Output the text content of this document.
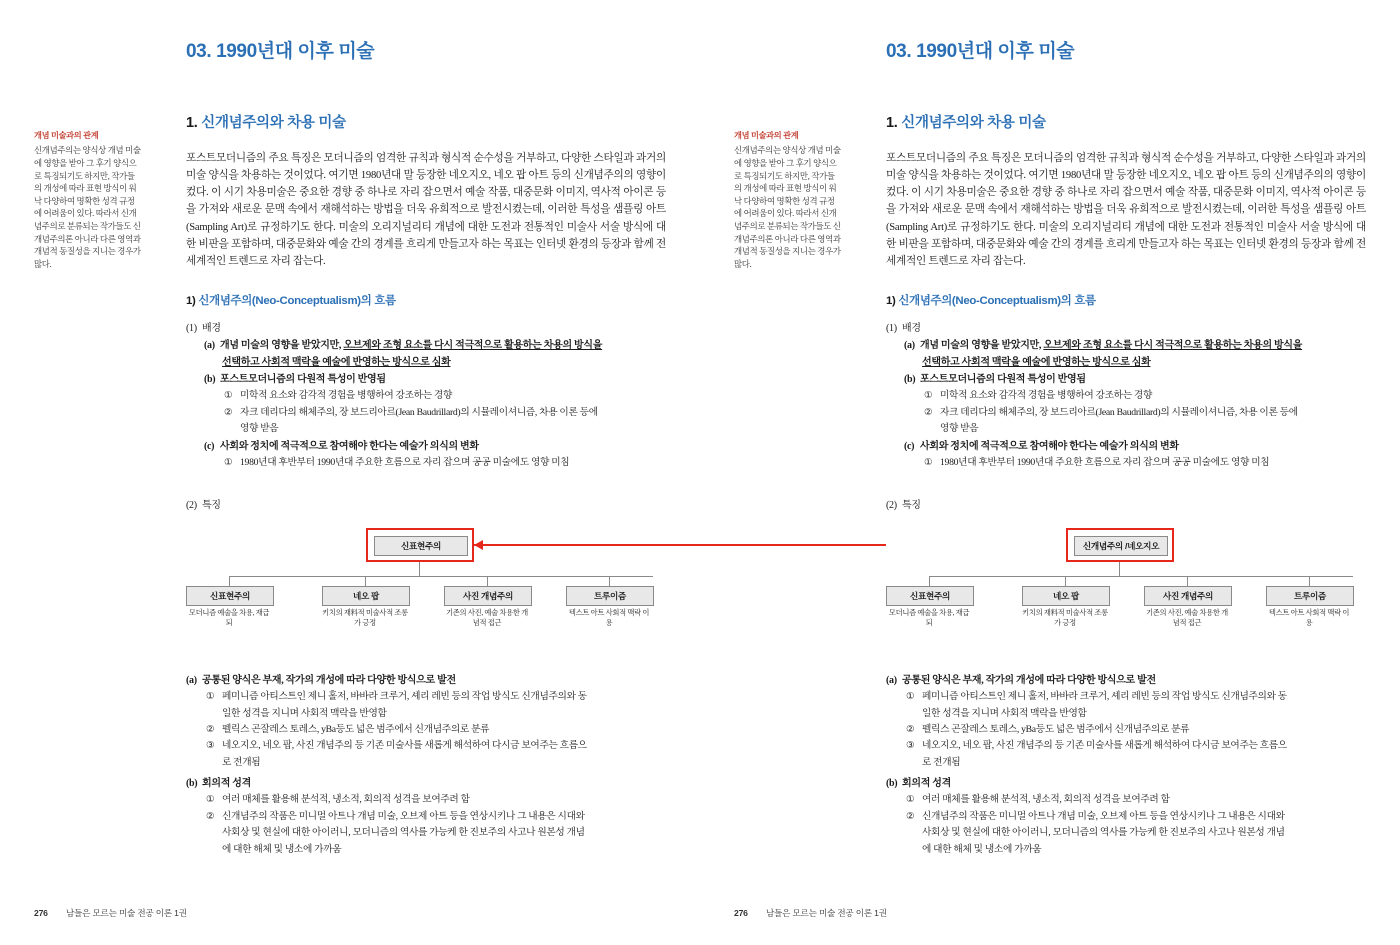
03. 1990년대 이후 미술
1. 신개념주의와 차용 미술
개념 미술과의 관계
신개념주의는 양식상 개념 미술에 영향을 받아 그 후기 양식으로 특징되기도 하지만, 작가들의 개성에 따라 표현 방식이 워낙 다양하여 명확한 성격 규정에 어려움이 있다. 따라서 신개념주의로 분류되는 작가들도 신개념주의론 아니라 다른 영역과 개념적 동질성을 지니는 경우가 많다.
포스트모더니즘의 주요 특징은 모더니즘의 엄격한 규칙과 형식적 순수성을 거부하고, 다양한 스타일과 과거의 미술 양식을 차용하는 것이었다. 여기면 1980년대 말 등장한 네오지오, 네오 팝 아트 등의 신개념주의의 영향이 컸다. 이 시기 차용미술은 중요한 경향 중 하나로 자리 잡으면서 예술 작품, 대중문화 이미지, 역사적 아이콘 등을 가져와 새로운 문맥 속에서 재해석하는 방법을 더욱 유희적으로 발전시켰는데, 이러한 특성을 샘플링 아트(Sampling Art)로 규정하기도 한다. 미술의 오리지널리티 개념에 대한 도전과 전통적인 미술사 서술 방식에 대한 비판을 포함하며, 대중문화와 예술 간의 경계를 흐리게 만들고자 하는 목표는 인터넷 환경의 등장과 함께 전 세계적인 트렌드로 자리 잡는다.
1) 신개념주의(Neo-Conceptualism)의 흐름
(1) 배경
(a) 개념 미술의 영향을 받았지만, 오브제와 조형 요소를 다시 적극적으로 활용하는 차용의 방식을
선택하고 사회적 맥락을 예술에 반영하는 방식으로 심화
(b) 포스트모더니즘의 다원적 특성이 반영됨
① 미학적 요소와 감각적 경험을 병행하여 강조하는 경향
② 자크 데리다의 해체주의, 장 보드리아르(Jean Baudrillard)의 시뮬레이셔니즘, 차용 이론 등에
영향 받음
(c) 사회와 정치에 적극적으로 참여해야 한다는 예술가 의식의 변화
① 1980년대 후반부터 1990년대 주요한 흐름으로 자리 잡으며 공공 미술에도 영향 미침
(2) 특징
신표현주의
신표현주의	네오 팝	사진 개념주의	트루이즘
모더니즘 예술을 차용, 재급되
키치의 재料적 미술사적 조롱가 긍정
기존의 사진, 예술 차용한 개념적 접근
텍스트 아트 사회적 맥락 이용
(a) 공통된 양식은 부재, 작가의 개성에 따라 다양한 방식으로 발전
① 페미니즘 아티스트인 제니 홀저, 바바라 크루거, 셰리 레빈 등의 작업 방식도 신개념주의와 동
일한 성격을 지니며 사회적 맥락을 반영함
② 펠릭스 곤잘레스 토레스, yBa등도 넓은 범주에서 신개념주의로 분류
③ 네오지오, 네오 팝, 사진 개념주의 등 기존 미술사를 새롭게 해석하여 다시금 보여주는 흐름으
로 전개됨
(b) 회의적 성격
① 여러 매체를 활용해 분석적, 냉소적, 회의적 성격을 보여주려 함
② 신개념주의 작품은 미니멀 아트나 개념 미술, 오브제 아트 등을 연상시키나 그 내용은 시대와
사회상 및 현실에 대한 아이러니, 모더니즘의 역사를 가능케 한 진보주의 사고나 원본성 개념
에 대한 해체 및 냉소에 가까움
276 남들은 모르는 미술 전공 이론 1권
03. 1990년대 이후 미술
1. 신개념주의와 차용 미술
개념 미술과의 관계
신개념주의는 양식상 개념 미술에 영향을 받아 그 후기 양식으로 특징되기도 하지만, 작가들의 개성에 따라 표현 방식이 워낙 다양하여 명확한 성격 규정에 어려움이 있다. 따라서 신개념주의로 분류되는 작가들도 신개념주의론 아니라 다른 영역과 개념적 동질성을 지니는 경우가 많다.
포스트모더니즘의 주요 특징은 모더니즘의 엄격한 규칙과 형식적 순수성을 거부하고, 다양한 스타일과 과거의 미술 양식을 차용하는 것이었다. 여기면 1980년대 말 등장한 네오지오, 네오 팝 아트 등의 신개념주의의 영향이 컸다. 이 시기 차용미술은 중요한 경향 중 하나로 자리 잡으면서 예술 작품, 대중문화 이미지, 역사적 아이콘 등을 가져와 새로운 문맥 속에서 재해석하는 방법을 더욱 유희적으로 발전시켰는데, 이러한 특성을 샘플링 아트(Sampling Art)로 규정하기도 한다. 미술의 오리지널리티 개념에 대한 도전과 전통적인 미술사 서술 방식에 대한 비판을 포함하며, 대중문화와 예술 간의 경계를 흐리게 만들고자 하는 목표는 인터넷 환경의 등장과 함께 전 세계적인 트렌드로 자리 잡는다.
1) 신개념주의(Neo-Conceptualism)의 흐름
(1) 배경
(a) 개념 미술의 영향을 받았지만, 오브제와 조형 요소를 다시 적극적으로 활용하는 차용의 방식을
선택하고 사회적 맥락을 예술에 반영하는 방식으로 심화
(b) 포스트모더니즘의 다원적 특성이 반영됨
① 미학적 요소와 감각적 경험을 병행하여 강조하는 경향
② 자크 데리다의 해체주의, 장 보드리아르(Jean Baudrillard)의 시뮬레이셔니즘, 차용 이론 등에
영향 받음
(c) 사회와 정치에 적극적으로 참여해야 한다는 예술가 의식의 변화
① 1980년대 후반부터 1990년대 주요한 흐름으로 자리 잡으며 공공 미술에도 영향 미침
(2) 특징
신개념주의 /네오지오
신표현주의	네오 팝	사진 개념주의	트루이즘
모더니즘 예술을 차용, 재급되
키치의 재料적 미술사적 조롱가 긍정
기존의 사진, 예술 차용한 개념적 접근
텍스트 아트 사회적 맥락 이용
(a) 공통된 양식은 부재, 작가의 개성에 따라 다양한 방식으로 발전
① 페미니즘 아티스트인 제니 홀저, 바바라 크루거, 셰리 레빈 등의 작업 방식도 신개념주의와 동
일한 성격을 지니며 사회적 맥락을 반영함
② 펠릭스 곤잘레스 토레스, yBa등도 넓은 범주에서 신개념주의로 분류
③ 네오지오, 네오 팝, 사진 개념주의 등 기존 미술사를 새롭게 해석하여 다시금 보여주는 흐름으
로 전개됨
(b) 회의적 성격
① 여러 매체를 활용해 분석적, 냉소적, 회의적 성격을 보여주려 함
② 신개념주의 작품은 미니멀 아트나 개념 미술, 오브제 아트 등을 연상시키나 그 내용은 시대와
사회상 및 현실에 대한 아이러니, 모더니즘의 역사를 가능케 한 진보주의 사고나 원본성 개념
에 대한 해체 및 냉소에 가까움
276 남들은 모르는 미술 전공 이론 1권
